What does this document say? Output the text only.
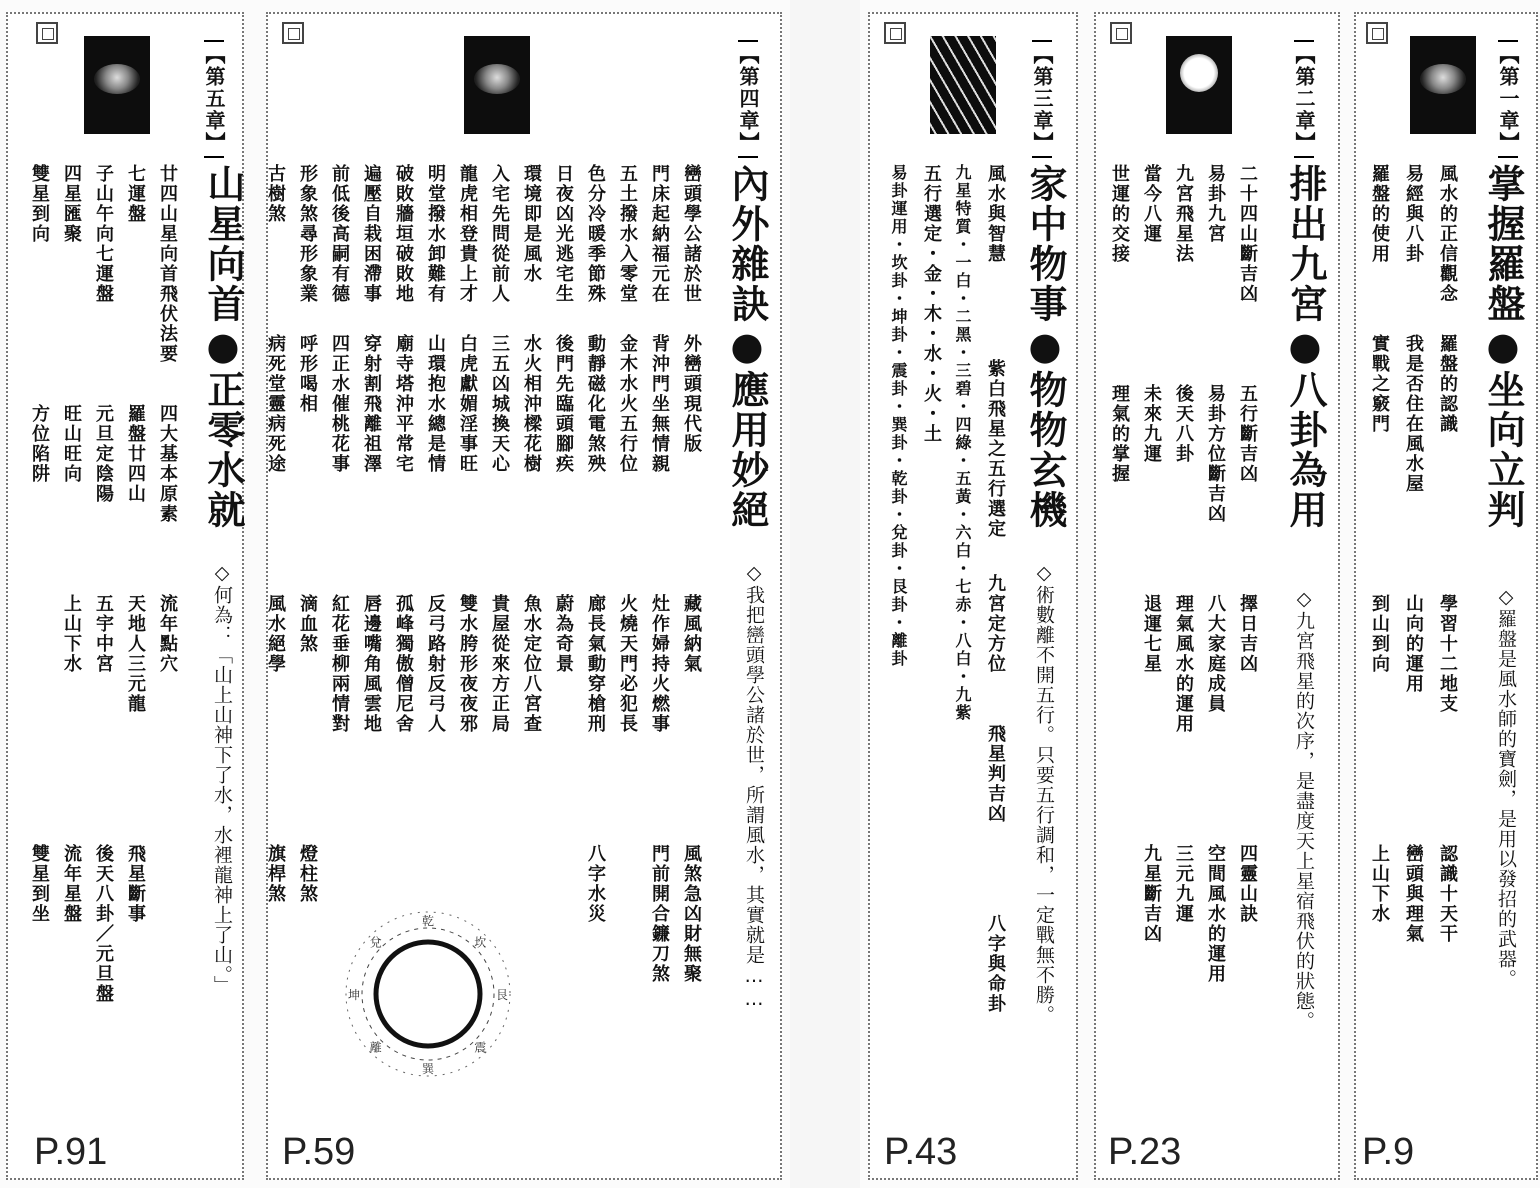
【第五章】
山星向首●正零水就
◇何為：「山上山神下了水，水裡龍神上了山。」
廿四山星向首飛伏法要
四大基本原素
流年點穴
七運盤
羅盤廿四山
天地人三元龍
飛星斷事
子山午向七運盤
元旦定陰陽
五宇中宮
後天八卦／元旦盤
四星匯聚
旺山旺向
上山下水
流年星盤
雙星到向
方位陷阱
雙星到坐
P.91
【第四章】
內外雜訣●應用妙絕
◇我把巒頭學公諸於世，所謂風水，其實就是……
巒頭學公諸於世
外巒頭現代版
藏風納氣
風煞急凶財無聚
門床起納福元在
背沖門坐無情親
灶作婦持火燃事
門前開合鐮刀煞
五土撥水入零堂
金木水火五行位
火燒天門必犯長
色分冷暖季節殊
動靜磁化電煞殃
廊長氣動穿槍刑
八字水災
日夜凶光逃宅生
後門先臨頭腳疾
蔚為奇景
環境即是風水
水火相沖樑花樹
魚水定位八宮查
入宅先問從前人
三五凶城換天心
貴屋從來方正局
龍虎相登貴上才
白虎獻媚淫事旺
雙水胯形夜夜邪
明堂撥水卸難有
山環抱水總是情
反弓路射反弓人
破敗牆垣破敗地
廟寺塔沖平常宅
孤峰獨傲僧尼舍
遍壓自栽困滯事
穿射割飛離祖澤
唇邊嘴角風雲地
前低後高嗣有德
四正水催桃花事
紅花垂柳兩情對
形象煞尋形象業
呼形喝相
滴血煞
燈柱煞
古樹煞
病死堂靈病死途
風水絕學
旗桿煞
乾
坎
艮
震
巽
離
坤
兌
P.59
【第三章】
家中物事●物物玄機
◇術數離不開五行。只要五行調和，一定戰無不勝。
風水與智慧
紫白飛星之五行選定
九宮定方位
飛星判吉凶
八字與命卦
九星特質・一白・二黑・三碧・四綠・五黃・六白・七赤・八白・九紫
五行選定・金・木・水・火・土
易卦運用・坎卦・坤卦・震卦・巽卦・乾卦・兌卦・艮卦・離卦
P.43
【第二章】
排出九宮●八卦為用
◇九宮飛星的次序，是盡度天上星宿飛伏的狀態。
二十四山斷吉凶
五行斷吉凶
擇日吉凶
四靈山訣
易卦九宮
易卦方位斷吉凶
八大家庭成員
空間風水的運用
九宮飛星法
後天八卦
理氣風水的運用
三元九運
當今八運
未來九運
退運七星
九星斷吉凶
世運的交接
理氣的掌握
P.23
【第一章】
掌握羅盤●坐向立判
◇羅盤是風水師的寶劍，是用以發招的武器。
風水的正信觀念
羅盤的認識
學習十二地支
認識十天干
易經與八卦
我是否住在風水屋
山向的運用
巒頭與理氣
羅盤的使用
實戰之竅門
到山到向
上山下水
P.9
